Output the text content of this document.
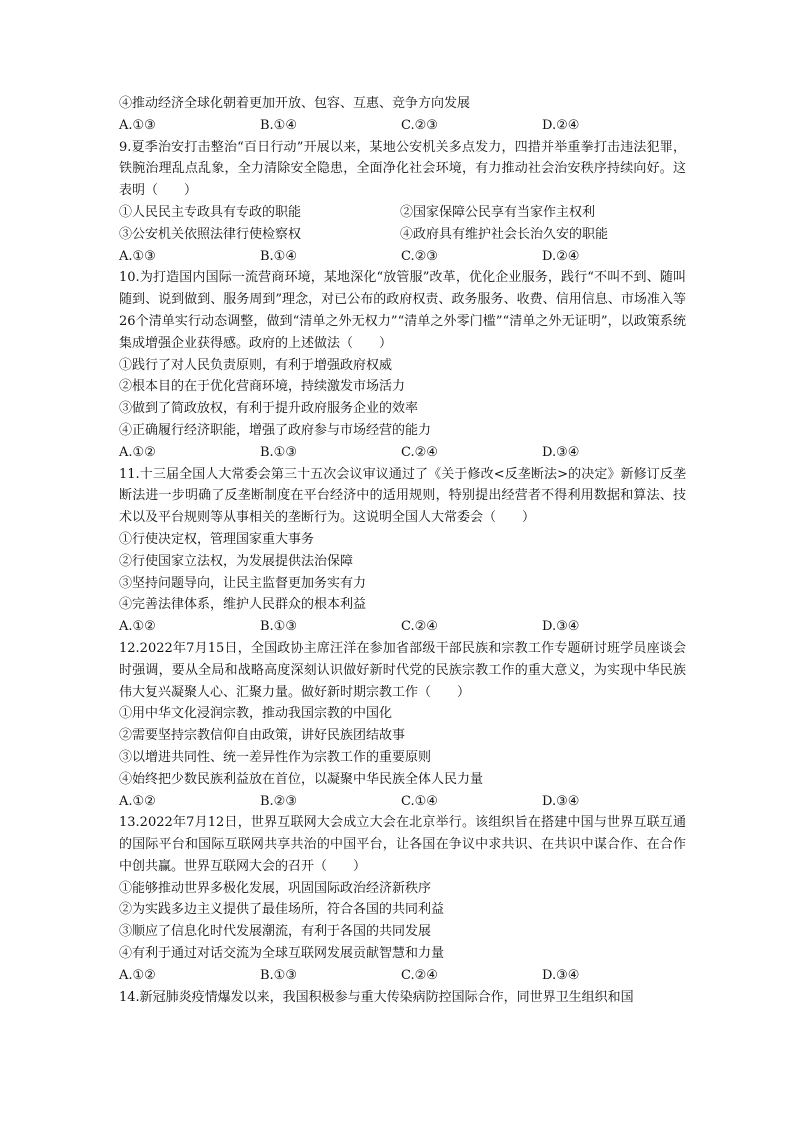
④推动经济全球化朝着更加开放、包容、互惠、竞争方向发展
A.①③	B.①④	C.②③	D.②④
9.夏季治安打击整治“百日行动”开展以来，某地公安机关多点发力，四措并举重拳打击违法犯罪，铁腕治理乱点乱象，全力清除安全隐患，全面净化社会环境，有力推动社会治安秩序持续向好。这表明（　　）
①人民民主专政具有专政的职能	②国家保障公民享有当家作主权利
③公安机关依照法律行使检察权	④政府具有维护社会长治久安的职能
A.①③	B.①④	C.②③	D.②④
10.为打造国内国际一流营商环境，某地深化“放管服”改革，优化企业服务，践行“不叫不到、随叫随到、说到做到、服务周到”理念，对已公布的政府权责、政务服务、收费、信用信息、市场准入等26个清单实行动态调整，做到“清单之外无权力”“清单之外零门槛”“清单之外无证明”，以政策系统集成增强企业获得感。政府的上述做法（　　）
①践行了对人民负责原则，有利于增强政府权威
②根本目的在于优化营商环境，持续激发市场活力
③做到了简政放权，有利于提升政府服务企业的效率
④正确履行经济职能，增强了政府参与市场经营的能力
A.①②	B.①③	C.②④	D.③④
11.十三届全国人大常委会第三十五次会议审议通过了《关于修改<反垄断法>的决定》新修订反垄断法进一步明确了反垄断制度在平台经济中的适用规则，特别提出经营者不得利用数据和算法、技术以及平台规则等从事相关的垄断行为。这说明全国人大常委会（　　）
①行使决定权，管理国家重大事务
②行使国家立法权，为发展提供法治保障
③坚持问题导向，让民主监督更加务实有力
④完善法律体系，维护人民群众的根本利益
A.①②	B.①③	C.②④	D.③④
12.2022年7月15日，全国政协主席汪洋在参加省部级干部民族和宗教工作专题研讨班学员座谈会时强调，要从全局和战略高度深刻认识做好新时代党的民族宗教工作的重大意义，为实现中华民族伟大复兴凝聚人心、汇聚力量。做好新时期宗教工作（　　）
①用中华文化浸润宗教，推动我国宗教的中国化
②需要坚持宗教信仰自由政策，讲好民族团结故事
③以增进共同性、统一差异性作为宗教工作的重要原则
④始终把少数民族利益放在首位，以凝聚中华民族全体人民力量
A.①②	B.②③	C.①④	D.③④
13.2022年7月12日，世界互联网大会成立大会在北京举行。该组织旨在搭建中国与世界互联互通的国际平台和国际互联网共享共治的中国平台，让各国在争议中求共识、在共识中谋合作、在合作中创共赢。世界互联网大会的召开（　　）
①能够推动世界多极化发展，巩固国际政治经济新秩序
②为实践多边主义提供了最佳场所，符合各国的共同利益
③顺应了信息化时代发展潮流，有利于各国的共同发展
④有利于通过对话交流为全球互联网发展贡献智慧和力量
A.①②	B.①③	C.②④	D.③④
14.新冠肺炎疫情爆发以来，我国积极参与重大传染病防控国际合作，同世界卫生组织和国
